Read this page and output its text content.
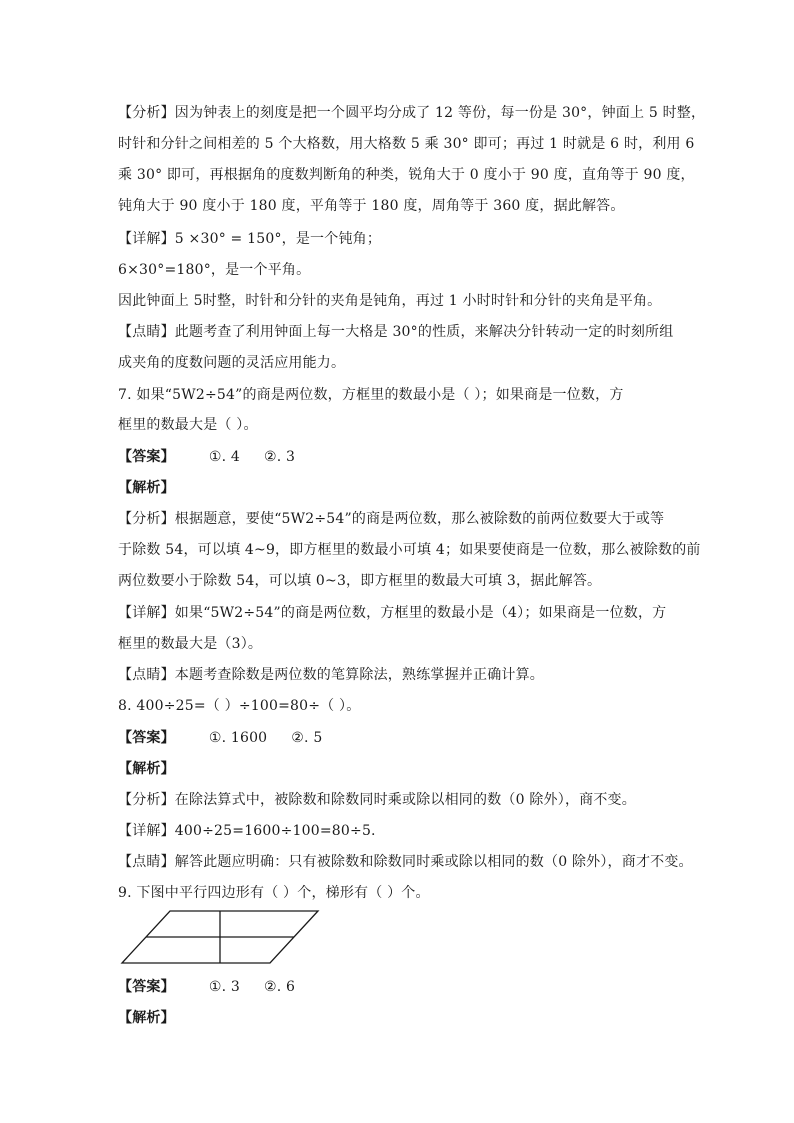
【分析】因为钟表上的刻度是把一个圆平均分成了 12 等份，每一份是 30°，钟面上 5 时整，
时针和分针之间相差的 5 个大格数，用大格数 5 乘 30° 即可；再过 1 时就是 6 时，利用 6
乘 30° 即可，再根据角的度数判断角的种类，锐角大于 0 度小于 90 度，直角等于 90 度，
钝角大于 90 度小于 180 度，平角等于 180 度，周角等于 360 度，据此解答。
【详解】5 ×30° = 150°，是一个钝角；
6×30°=180°，是一个平角。
因此钟面上 5时整，时针和分针的夹角是钝角，再过 1 小时时针和分针的夹角是平角。
【点睛】此题考查了利用钟面上每一大格是 30°的性质，来解决分针转动一定的时刻所组
成夹角的度数问题的灵活应用能力。
7. 如果“5W2÷54”的商是两位数，方框里的数最小是（ ）；如果商是一位数，方
框里的数最大是（ ）。
【答案】 ①. 4 ②. 3
【解析】
【分析】根据题意，要使“5W2÷54”的商是两位数，那么被除数的前两位数要大于或等
于除数 54，可以填 4~9，即方框里的数最小可填 4；如果要使商是一位数，那么被除数的前
两位数要小于除数 54，可以填 0~3，即方框里的数最大可填 3，据此解答。
【详解】如果“5W2÷54”的商是两位数，方框里的数最小是（4）；如果商是一位数，方
框里的数最大是（3）。
【点睛】本题考查除数是两位数的笔算除法，熟练掌握并正确计算。
8. 400÷25=（ ）÷100=80÷（ ）。
【答案】 ①. 1600 ②. 5
【解析】
【分析】在除法算式中，被除数和除数同时乘或除以相同的数（0 除外），商不变。
【详解】400÷25=1600÷100=80÷5.
【点睛】解答此题应明确：只有被除数和除数同时乘或除以相同的数（0 除外），商才不变。
9. 下图中平行四边形有（ ）个，梯形有（ ）个。
【答案】 ①. 3 ②. 6
【解析】
